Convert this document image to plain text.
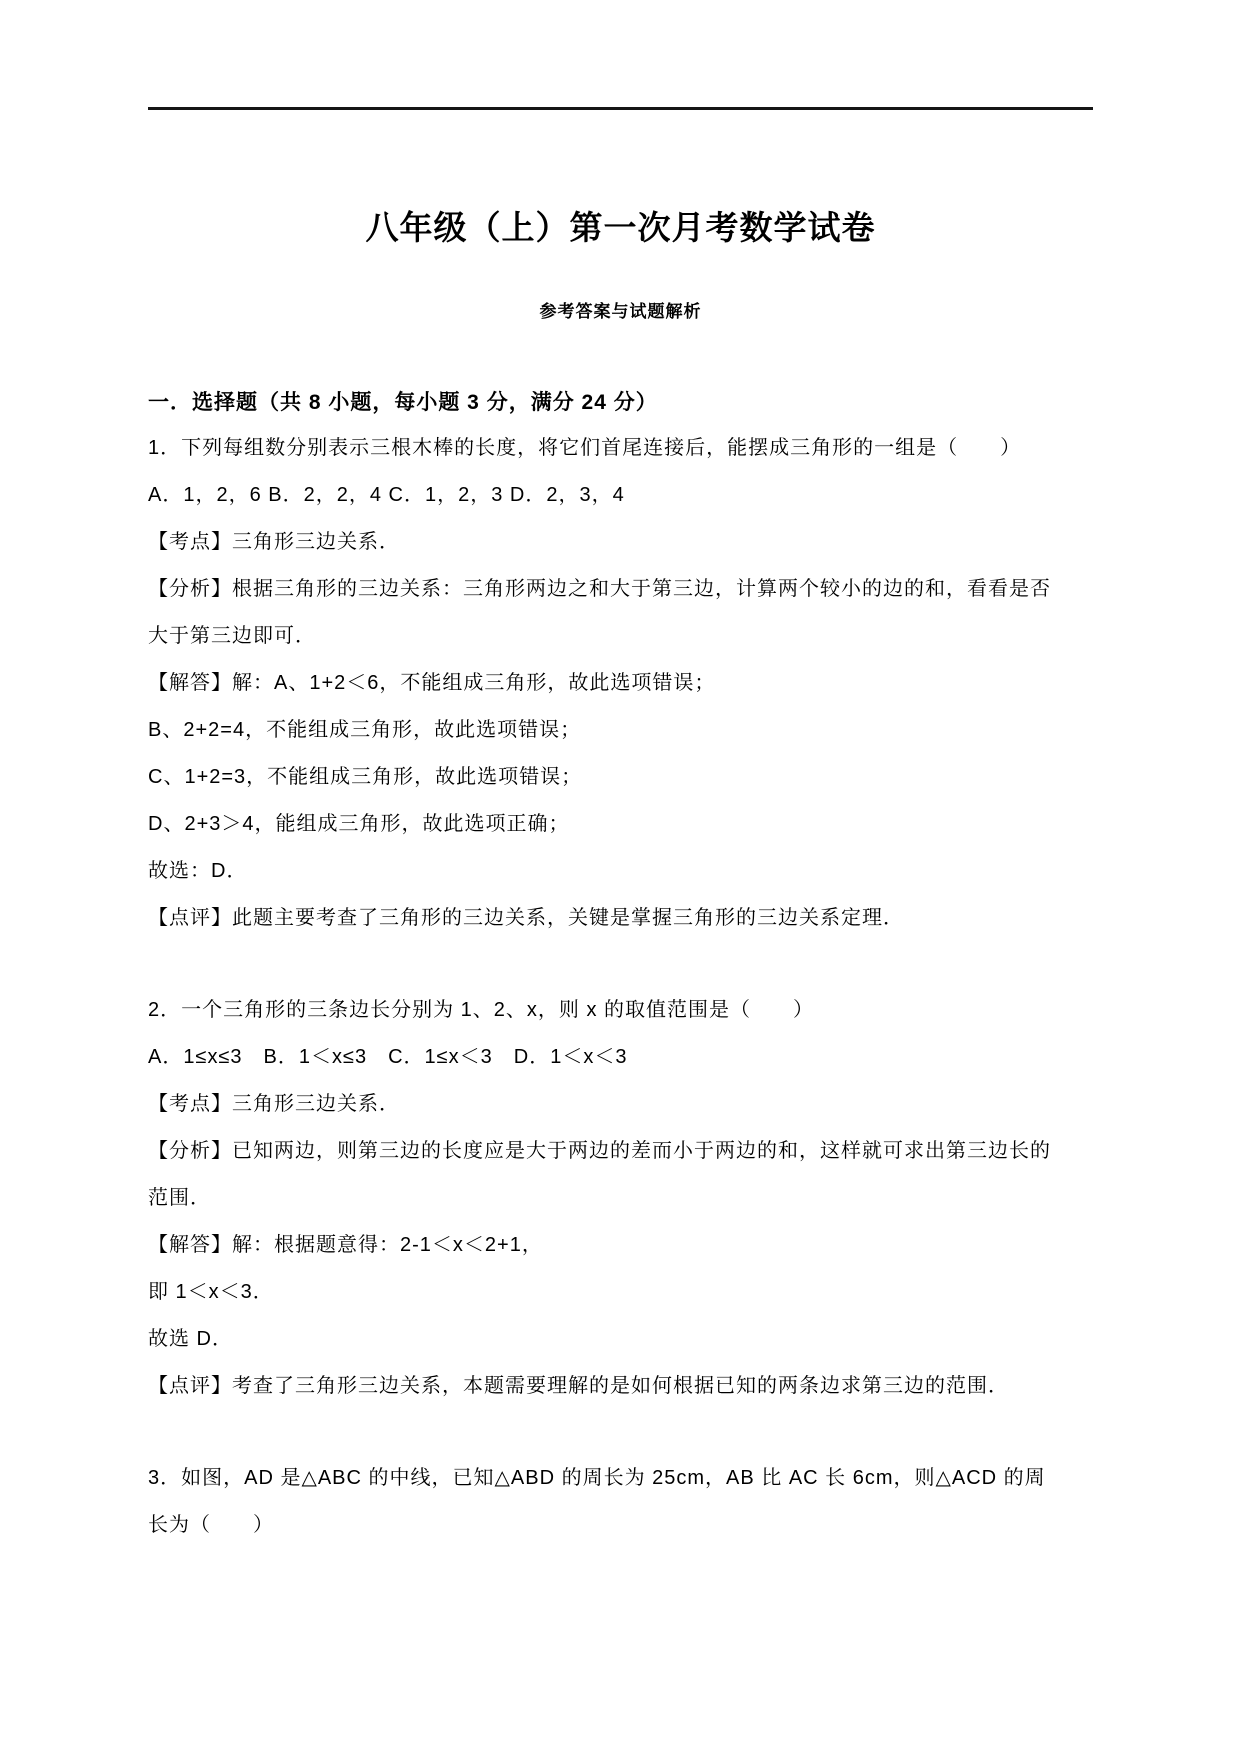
八年级（上）第一次月考数学试卷
参考答案与试题解析
一．选择题（共 8 小题，每小题 3 分，满分 24 分）

1．下列每组数分别表示三根木棒的长度，将它们首尾连接后，能摆成三角形的一组是（　　）

A．1，2，6 B．2，2，4 C．1，2，3 D．2，3，4

【考点】三角形三边关系．

【分析】根据三角形的三边关系：三角形两边之和大于第三边，计算两个较小的边的和，看看是否

大于第三边即可．

【解答】解：A、1+2＜6，不能组成三角形，故此选项错误；

B、2+2=4，不能组成三角形，故此选项错误；

C、1+2=3，不能组成三角形，故此选项错误；

D、2+3＞4，能组成三角形，故此选项正确；

故选：D．

【点评】此题主要考查了三角形的三边关系，关键是掌握三角形的三边关系定理．

2．一个三角形的三条边长分别为 1、2、x，则 x 的取值范围是（　　）

A．1≤x≤3　B．1＜x≤3　C．1≤x＜3　D．1＜x＜3

【考点】三角形三边关系．

【分析】已知两边，则第三边的长度应是大于两边的差而小于两边的和，这样就可求出第三边长的

范围．

【解答】解：根据题意得：2-1＜x＜2+1，

即 1＜x＜3．

故选 D．

【点评】考查了三角形三边关系，本题需要理解的是如何根据已知的两条边求第三边的范围．

3．如图，AD 是△ABC 的中线，已知△ABD 的周长为 25cm，AB 比 AC 长 6cm，则△ACD 的周

长为（　　）
